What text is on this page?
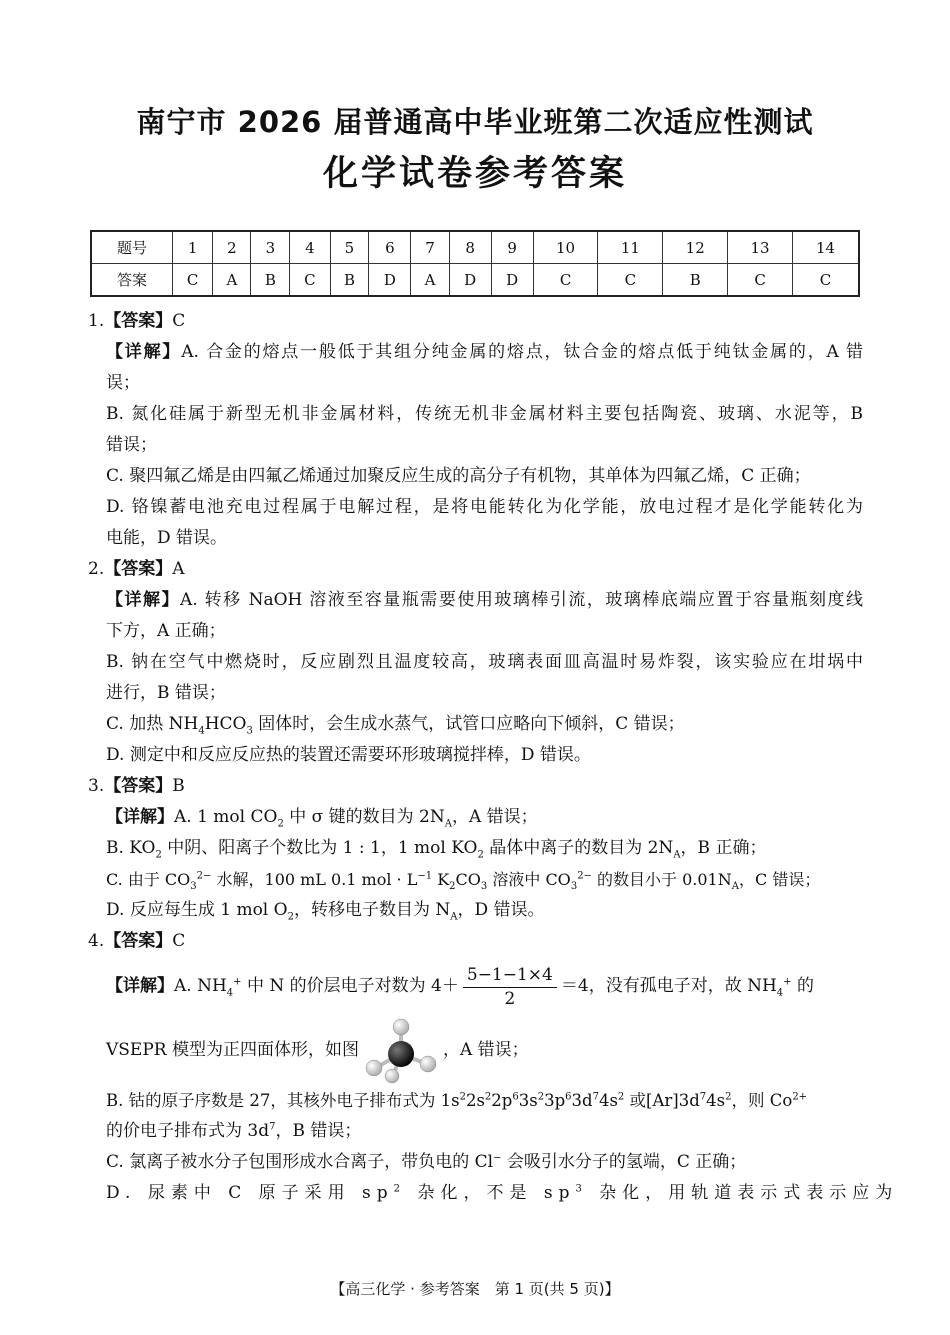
南宁市 2026 届普通高中毕业班第二次适应性测试
化学试卷参考答案
题号	1	2	3	4	5	6	7	8	9	10	11	12	13	14
答案	C	A	B	C	B	D	A	D	D	C	C	B	C	C
1.【答案】C
【详解】A. 合金的熔点一般低于其组分纯金属的熔点，钛合金的熔点低于纯钛金属的，A 错
误；
B. 氮化硅属于新型无机非金属材料，传统无机非金属材料主要包括陶瓷、玻璃、水泥等，B
错误；
C. 聚四氟乙烯是由四氟乙烯通过加聚反应生成的高分子有机物，其单体为四氟乙烯，C 正确；
D. 铬镍蓄电池充电过程属于电解过程，是将电能转化为化学能，放电过程才是化学能转化为
电能，D 错误。
2.【答案】A
【详解】A. 转移 NaOH 溶液至容量瓶需要使用玻璃棒引流，玻璃棒底端应置于容量瓶刻度线
下方，A 正确；
B. 钠在空气中燃烧时，反应剧烈且温度较高，玻璃表面皿高温时易炸裂，该实验应在坩埚中
进行，B 错误；
C. 加热 $NH_4HCO_3$ 固体时，会生成水蒸气，试管口应略向下倾斜，C 错误；
D. 测定中和反应反应热的装置还需要环形玻璃搅拌棒，D 错误。
3.【答案】B
【详解】A. 1 mol $CO_2$ 中 σ 键的数目为 $2N_A$，A 错误；
B. $KO_2$ 中阴、阳离子个数比为 1 : 1，1 mol $KO_2$ 晶体中离子的数目为 $2N_A$，B 正确；
C. 由于 $CO_3^{2-}$ 水解，100 mL 0.1 mol · $L^{-1}$ $K_2CO_3$ 溶液中 $CO_3^{2-}$ 的数目小于 $0.01N_A$，C 错误；
D. 反应每生成 1 mol $O_2$，转移电子数目为 $N_A$，D 错误。
4.【答案】C
【详解】A. $NH_4^+$ 中 N 的价层电子对数为 $4+ \frac{5-1-1\times 4}{2} =4$，没有孤电子对，故 $NH_4^+$ 的
VSEPR 模型为正四面体形，如图	，A 错误；
B. 钴的原子序数是 27，其核外电子排布式为 $1s^22s^22p^63s^23p^63d^74s^2$ 或$[Ar]3d^74s^2$，则 $Co^{2+}$
的价电子排布式为 $3d^7$，B 错误；
C. 氯离子被水分子包围形成水合离子，带负电的 Cl− 会吸引水分子的氢端，C 正确；
D. 尿素中 C 原子采用 $sp^2$ 杂化，不是 $sp^3$ 杂化，用轨道表示式表示应为
【高三化学 · 参考答案　第 1 页(共 5 页)】
